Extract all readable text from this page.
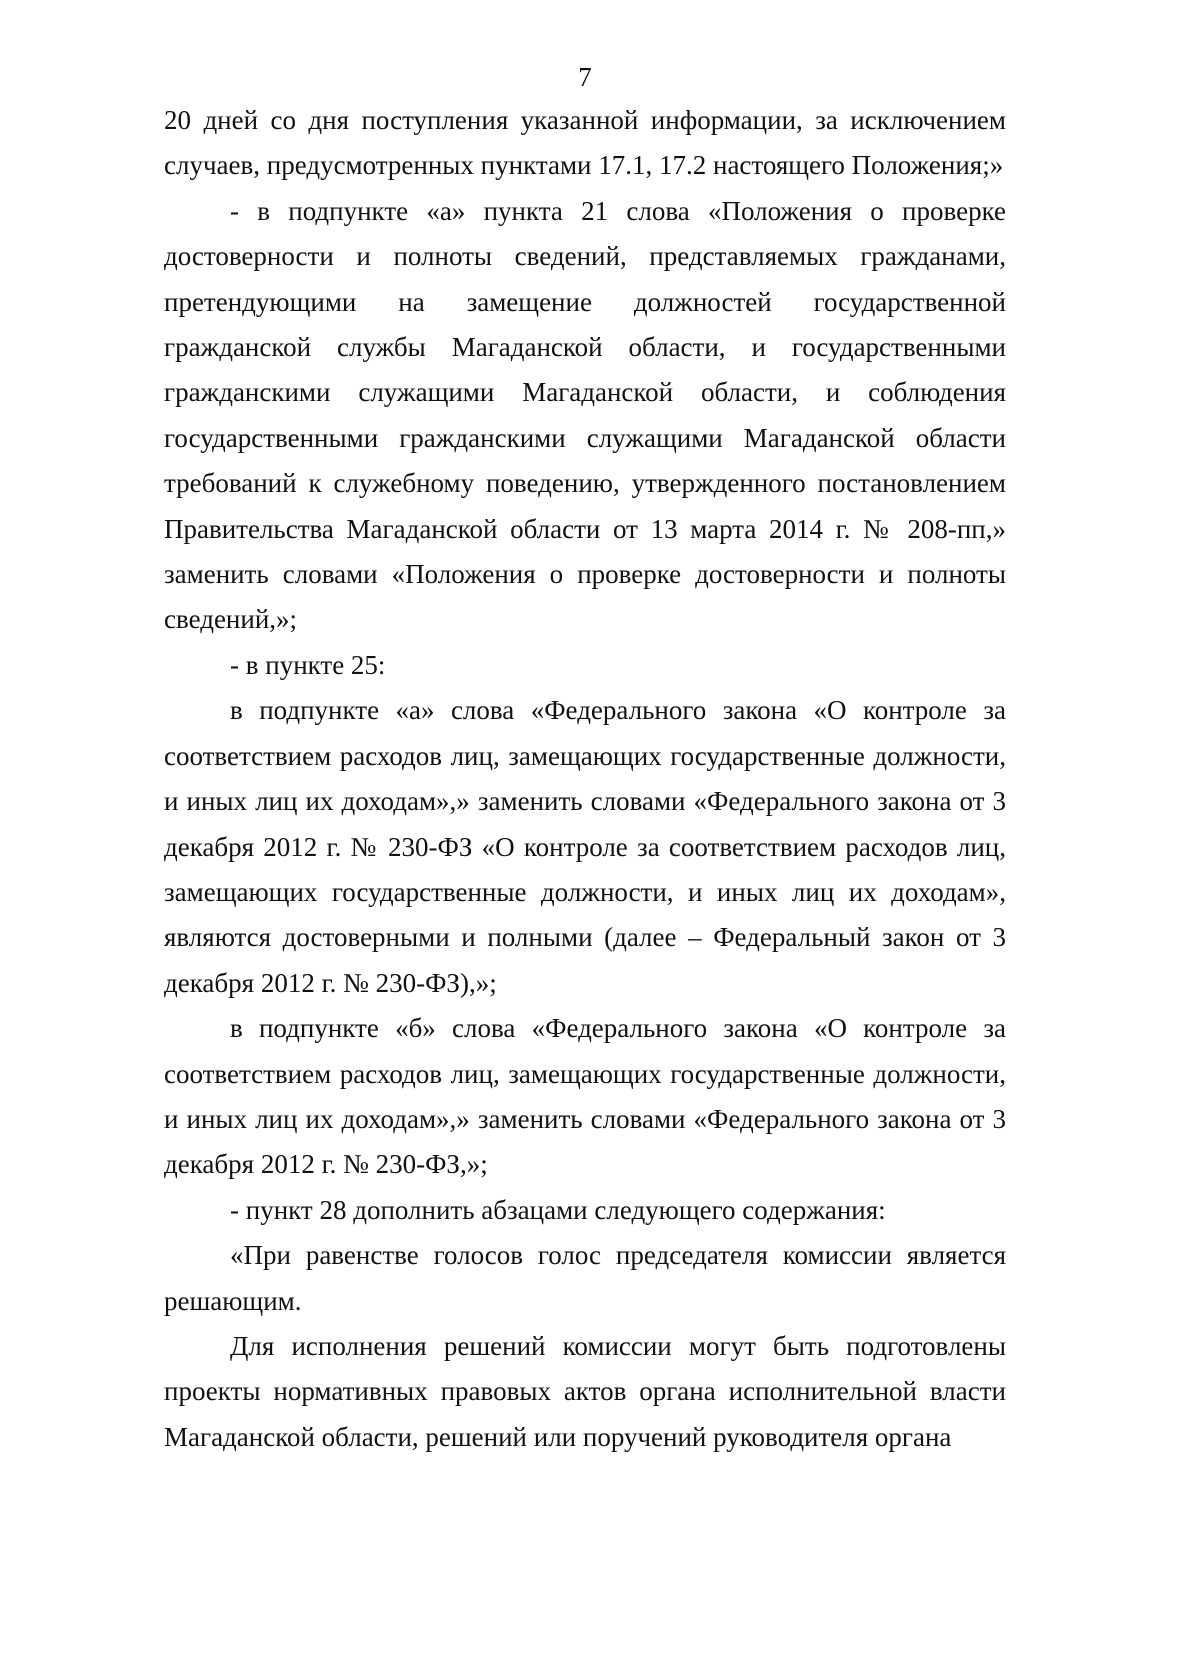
7

20 дней со дня поступления указанной информации, за исключением случаев, предусмотренных пунктами 17.1, 17.2 настоящего Положения;»

- в подпункте «а» пункта 21 слова «Положения о проверке достоверности и полноты сведений, представляемых гражданами, претендующими на замещение должностей государственной гражданской службы Магаданской области, и государственными гражданскими служащими Магаданской области, и соблюдения государственными гражданскими служащими Магаданской области требований к служебному поведению, утвержденного постановлением Правительства Магаданской области от 13 марта 2014 г. № 208-пп,» заменить словами «Положения о проверке достоверности и полноты сведений,»;

- в пункте 25:

в подпункте «а» слова «Федерального закона «О контроле за соответствием расходов лиц, замещающих государственные должности, и иных лиц их доходам»,» заменить словами «Федерального закона от 3 декабря 2012 г. № 230-ФЗ «О контроле за соответствием расходов лиц, замещающих государственные должности, и иных лиц их доходам», являются достоверными и полными (далее – Федеральный закон от 3 декабря 2012 г. № 230-ФЗ),»;

в подпункте «б» слова «Федерального закона «О контроле за соответствием расходов лиц, замещающих государственные должности, и иных лиц их доходам»,» заменить словами «Федерального закона от 3 декабря 2012 г. № 230-ФЗ,»;

- пункт 28 дополнить абзацами следующего содержания:

«При равенстве голосов голос председателя комиссии является решающим.

Для исполнения решений комиссии могут быть подготовлены проекты нормативных правовых актов органа исполнительной власти Магаданской области, решений или поручений руководителя органа
